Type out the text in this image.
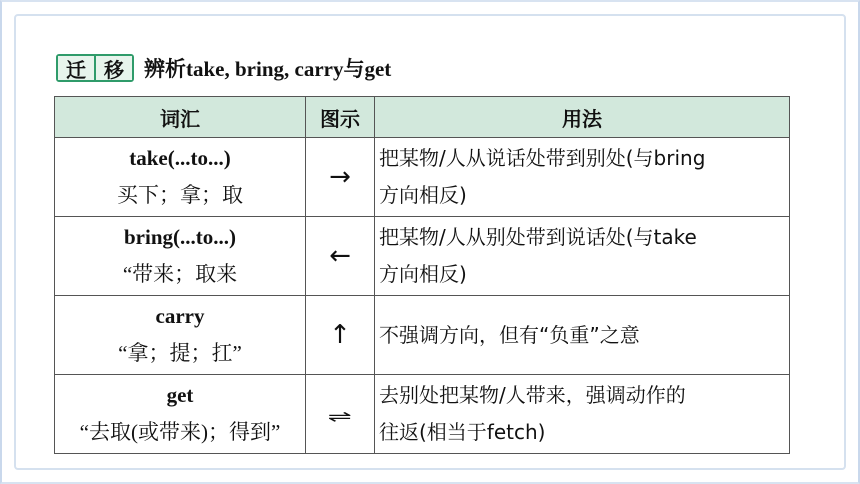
迁 移 辨析take, bring, carry与get
词汇	图示	用法
take(...to...)
买下；拿；取	→	把某物/人从说话处带到别处(与bring
方向相反)
bring(...to...)
“带来；取来	←	把某物/人从别处带到说话处(与take
方向相反)
carry
“拿；提；扛”	↑	不强调方向，但有“负重”之意
get
“去取(或带来)；得到”	⇌	去别处把某物/人带来，强调动作的
往返(相当于fetch)
